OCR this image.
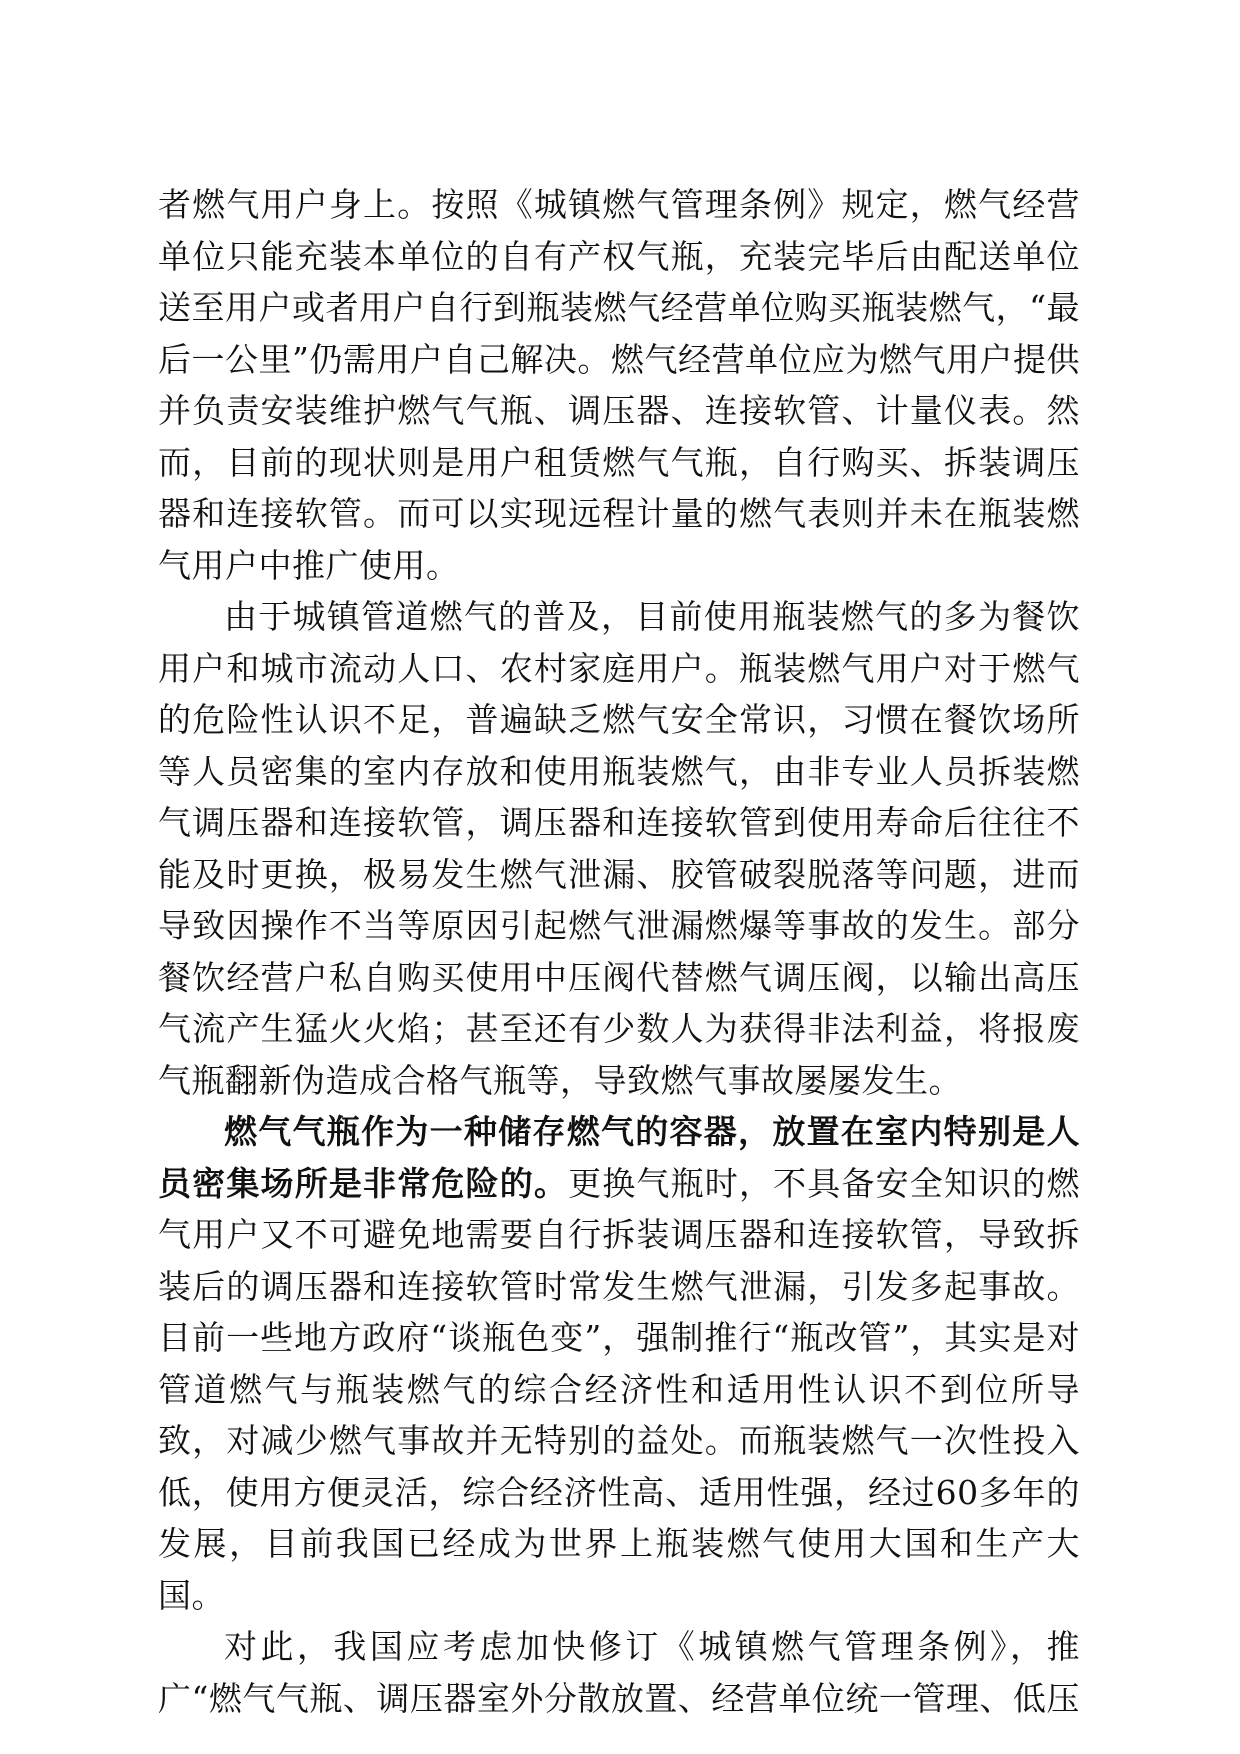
者燃气用户身上。按照《城镇燃气管理条例》规定，燃气经营单位只能充装本单位的自有产权气瓶，充装完毕后由配送单位送至用户或者用户自行到瓶装燃气经营单位购买瓶装燃气，“最后一公里”仍需用户自己解决。燃气经营单位应为燃气用户提供并负责安装维护燃气气瓶、调压器、连接软管、计量仪表。然而，目前的现状则是用户租赁燃气气瓶，自行购买、拆装调压器和连接软管。而可以实现远程计量的燃气表则并未在瓶装燃气用户中推广使用。

由于城镇管道燃气的普及，目前使用瓶装燃气的多为餐饮用户和城市流动人口、农村家庭用户。瓶装燃气用户对于燃气的危险性认识不足，普遍缺乏燃气安全常识，习惯在餐饮场所等人员密集的室内存放和使用瓶装燃气，由非专业人员拆装燃气调压器和连接软管，调压器和连接软管到使用寿命后往往不能及时更换，极易发生燃气泄漏、胶管破裂脱落等问题，进而导致因操作不当等原因引起燃气泄漏燃爆等事故的发生。部分餐饮经营户私自购买使用中压阀代替燃气调压阀，以输出高压气流产生猛火火焰；甚至还有少数人为获得非法利益，将报废气瓶翻新伪造成合格气瓶等，导致燃气事故屡屡发生。

燃气气瓶作为一种储存燃气的容器，放置在室内特别是人员密集场所是非常危险的。更换气瓶时，不具备安全知识的燃气用户又不可避免地需要自行拆装调压器和连接软管，导致拆装后的调压器和连接软管时常发生燃气泄漏，引发多起事故。目前一些地方政府“谈瓶色变”，强制推行“瓶改管”，其实是对管道燃气与瓶装燃气的综合经济性和适用性认识不到位所导致，对减少燃气事故并无特别的益处。而瓶装燃气一次性投入低，使用方便灵活，综合经济性高、适用性强，经过60多年的发展，目前我国已经成为世界上瓶装燃气使用大国和生产大国。

对此，我国应考虑加快修订《城镇燃气管理条例》，推广“燃气气瓶、调压器室外分散放置、经营单位统一管理、低压
